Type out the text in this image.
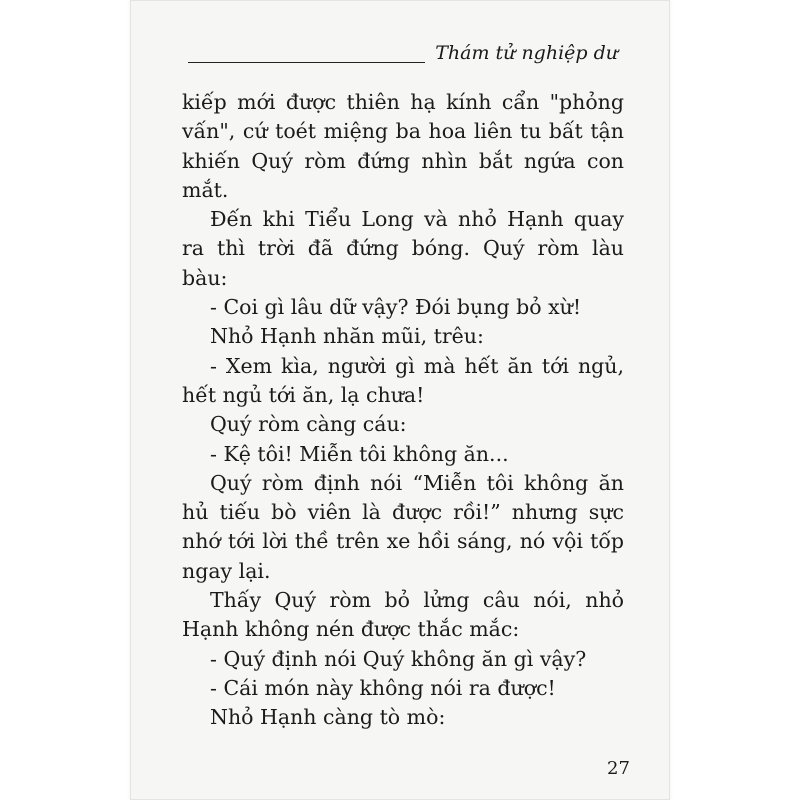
Thám tử nghiệp dư

kiếp mới được thiên hạ kính cẩn "phỏng vấn", cứ toét miệng ba hoa liên tu bất tận khiến Quý ròm đứng nhìn bắt ngứa con mắt.

Đến khi Tiểu Long và nhỏ Hạnh quay ra thì trời đã đứng bóng. Quý ròm làu bàu:

- Coi gì lâu dữ vậy? Đói bụng bỏ xừ!

Nhỏ Hạnh nhăn mũi, trêu:

- Xem kìa, người gì mà hết ăn tới ngủ, hết ngủ tới ăn, lạ chưa!

Quý ròm càng cáu:

- Kệ tôi! Miễn tôi không ăn...

Quý ròm định nói “Miễn tôi không ăn hủ tiếu bò viên là được rồi!” nhưng sực nhớ tới lời thề trên xe hồi sáng, nó vội tốp ngay lại.

Thấy Quý ròm bỏ lửng câu nói, nhỏ Hạnh không nén được thắc mắc:

- Quý định nói Quý không ăn gì vậy?

- Cái món này không nói ra được!

Nhỏ Hạnh càng tò mò:

27
